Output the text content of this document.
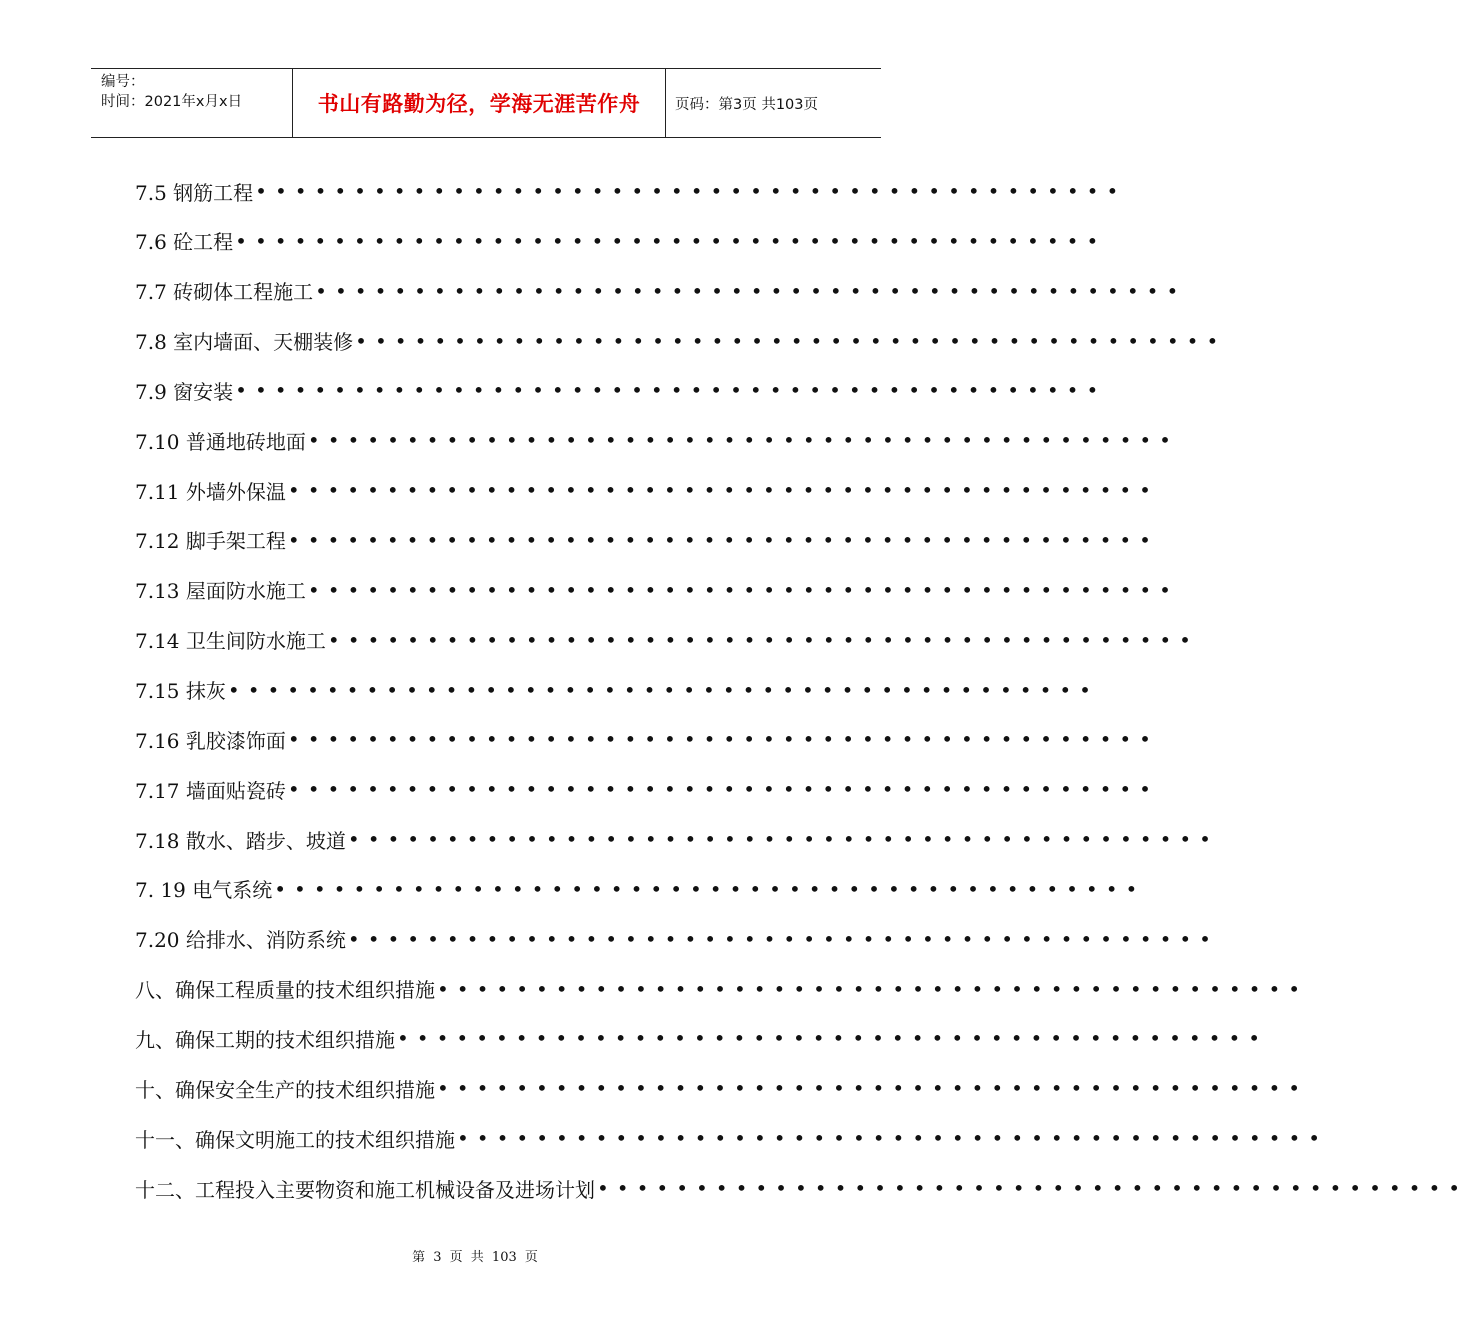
编号：
时间：2021年x月x日	书山有路勤为径，学海无涯苦作舟	页码：第3页 共103页
7.5 钢筋工程 ••••••••••••••••••••••••••••••••••••••••••••
7.6 砼工程 ••••••••••••••••••••••••••••••••••••••••••••
7.7 砖砌体工程施工 ••••••••••••••••••••••••••••••••••••••••••••
7.8 室内墙面、天棚装修 ••••••••••••••••••••••••••••••••••••••••••••
7.9 窗安装 ••••••••••••••••••••••••••••••••••••••••••••
7.10 普通地砖地面 ••••••••••••••••••••••••••••••••••••••••••••
7.11 外墙外保温 ••••••••••••••••••••••••••••••••••••••••••••
7.12 脚手架工程 ••••••••••••••••••••••••••••••••••••••••••••
7.13 屋面防水施工 ••••••••••••••••••••••••••••••••••••••••••••
7.14 卫生间防水施工 ••••••••••••••••••••••••••••••••••••••••••••
7.15 抹灰 ••••••••••••••••••••••••••••••••••••••••••••
7.16 乳胶漆饰面 ••••••••••••••••••••••••••••••••••••••••••••
7.17 墙面贴瓷砖 ••••••••••••••••••••••••••••••••••••••••••••
7.18 散水、踏步、坡道 ••••••••••••••••••••••••••••••••••••••••••••
7. 19 电气系统 ••••••••••••••••••••••••••••••••••••••••••••
7.20 给排水、消防系统 ••••••••••••••••••••••••••••••••••••••••••••
八、确保工程质量的技术组织措施 ••••••••••••••••••••••••••••••••••••••••••••
九、确保工期的技术组织措施 ••••••••••••••••••••••••••••••••••••••••••••
十、确保安全生产的技术组织措施 ••••••••••••••••••••••••••••••••••••••••••••
十一、确保文明施工的技术组织措施 ••••••••••••••••••••••••••••••••••••••••••••
十二、工程投入主要物资和施工机械设备及进场计划 ••••••••••••••••••••••••••••••••••••••••••••
第 3 页 共 103 页
